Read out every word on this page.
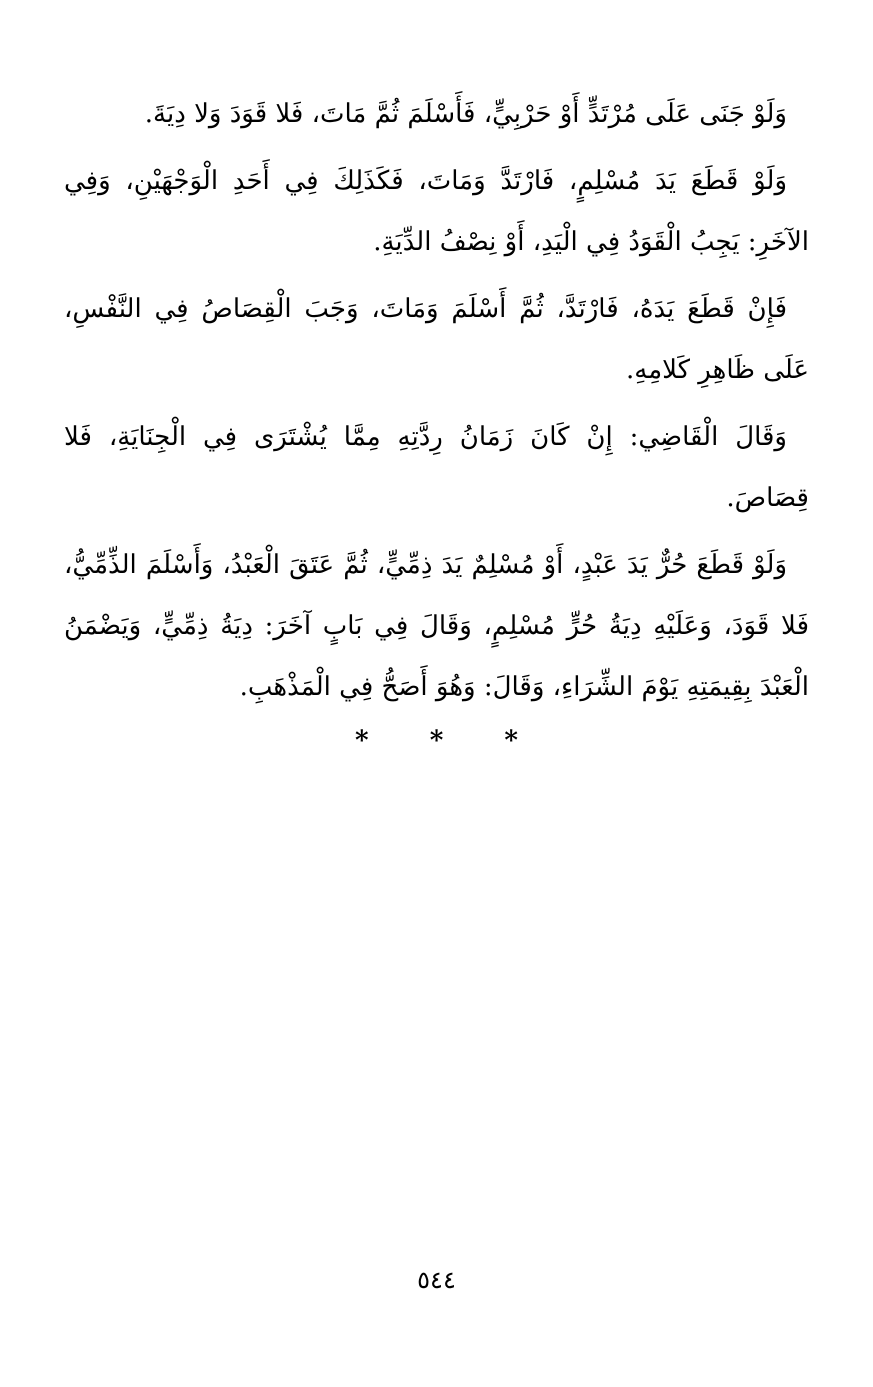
وَلَوْ جَنَى عَلَى مُرْتَدٍّ أَوْ حَرْبِيٍّ، فَأَسْلَمَ ثُمَّ مَاتَ، فَلا قَوَدَ وَلا دِيَةَ.

وَلَوْ قَطَعَ يَدَ مُسْلِمٍ، فَارْتَدَّ وَمَاتَ، فَكَذَلِكَ فِي أَحَدِ الْوَجْهَيْنِ، وَفِي الآخَرِ: يَجِبُ الْقَوَدُ فِي الْيَدِ، أَوْ نِصْفُ الدِّيَةِ.

فَإِنْ قَطَعَ يَدَهُ، فَارْتَدَّ، ثُمَّ أَسْلَمَ وَمَاتَ، وَجَبَ الْقِصَاصُ فِي النَّفْسِ، عَلَى ظَاهِرِ كَلامِهِ.

وَقَالَ الْقَاضِي: إِنْ كَانَ زَمَانُ رِدَّتِهِ مِمَّا يُشْتَرَى فِي الْجِنَايَةِ، فَلا قِصَاصَ.

وَلَوْ قَطَعَ حُرٌّ يَدَ عَبْدٍ، أَوْ مُسْلِمٌ يَدَ ذِمِّيٍّ، ثُمَّ عَتَقَ الْعَبْدُ، وَأَسْلَمَ الذِّمِّيُّ، فَلا قَوَدَ، وَعَلَيْهِ دِيَةُ حُرٍّ مُسْلِمٍ، وَقَالَ فِي بَابٍ آخَرَ: دِيَةُ ذِمِّيٍّ، وَيَضْمَنُ الْعَبْدَ بِقِيمَتِهِ يَوْمَ الشِّرَاءِ، وَقَالَ: وَهُوَ أَصَحُّ فِي الْمَذْهَبِ.

* * *
٥٤٤
